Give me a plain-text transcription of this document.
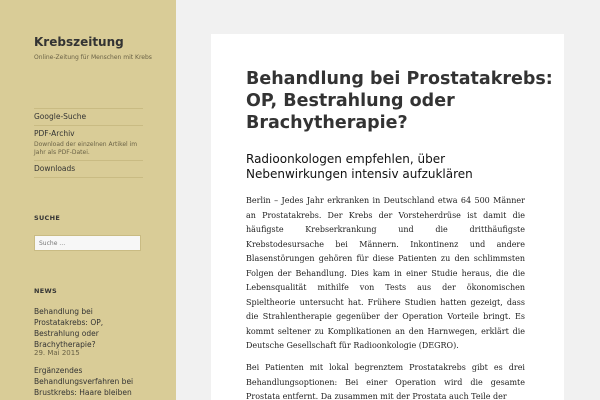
Krebszeitung

Online-Zeitung für Menschen mit Krebs

Google-Suche
PDF-Archiv
Download der einzelnen Artikel im Jahr als PDF-Datei.
Downloads
SUCHE
Suche …
NEWS
Behandlung bei Prostatakrebs: OP, Bestrahlung oder Brachytherapie?
29. Mai 2015
Ergänzendes Behandlungsverfahren bei Brustkrebs: Haare bleiben
Behandlung bei Prostatakrebs: OP, Bestrahlung oder Brachytherapie?
Radioonkologen empfehlen, über Nebenwirkungen intensiv aufzuklären

Berlin – Jedes Jahr erkranken in Deutschland etwa 64 500 Männer an Prostatakrebs. Der Krebs der Vorsteherdrüse ist damit die häufigste Krebserkrankung und die dritthäufigste Krebstodesursache bei Männern. Inkontinenz und andere Blasenstörungen gehören für diese Patienten zu den schlimmsten Folgen der Behandlung. Dies kam in einer Studie heraus, die die Lebensqualität mithilfe von Tests aus der ökonomischen Spieltheorie untersucht hat. Frühere Studien hatten gezeigt, dass die Strahlentherapie gegenüber der Operation Vorteile bringt. Es kommt seltener zu Komplikationen an den Harnwegen, erklärt die Deutsche Gesellschaft für Radioonkologie (DEGRO).

Bei Patienten mit lokal begrenztem Prostatakrebs gibt es drei Behandlungsoptionen: Bei einer Operation wird die gesamte Prostata entfernt. Da zusammen mit der Prostata auch Teile der
